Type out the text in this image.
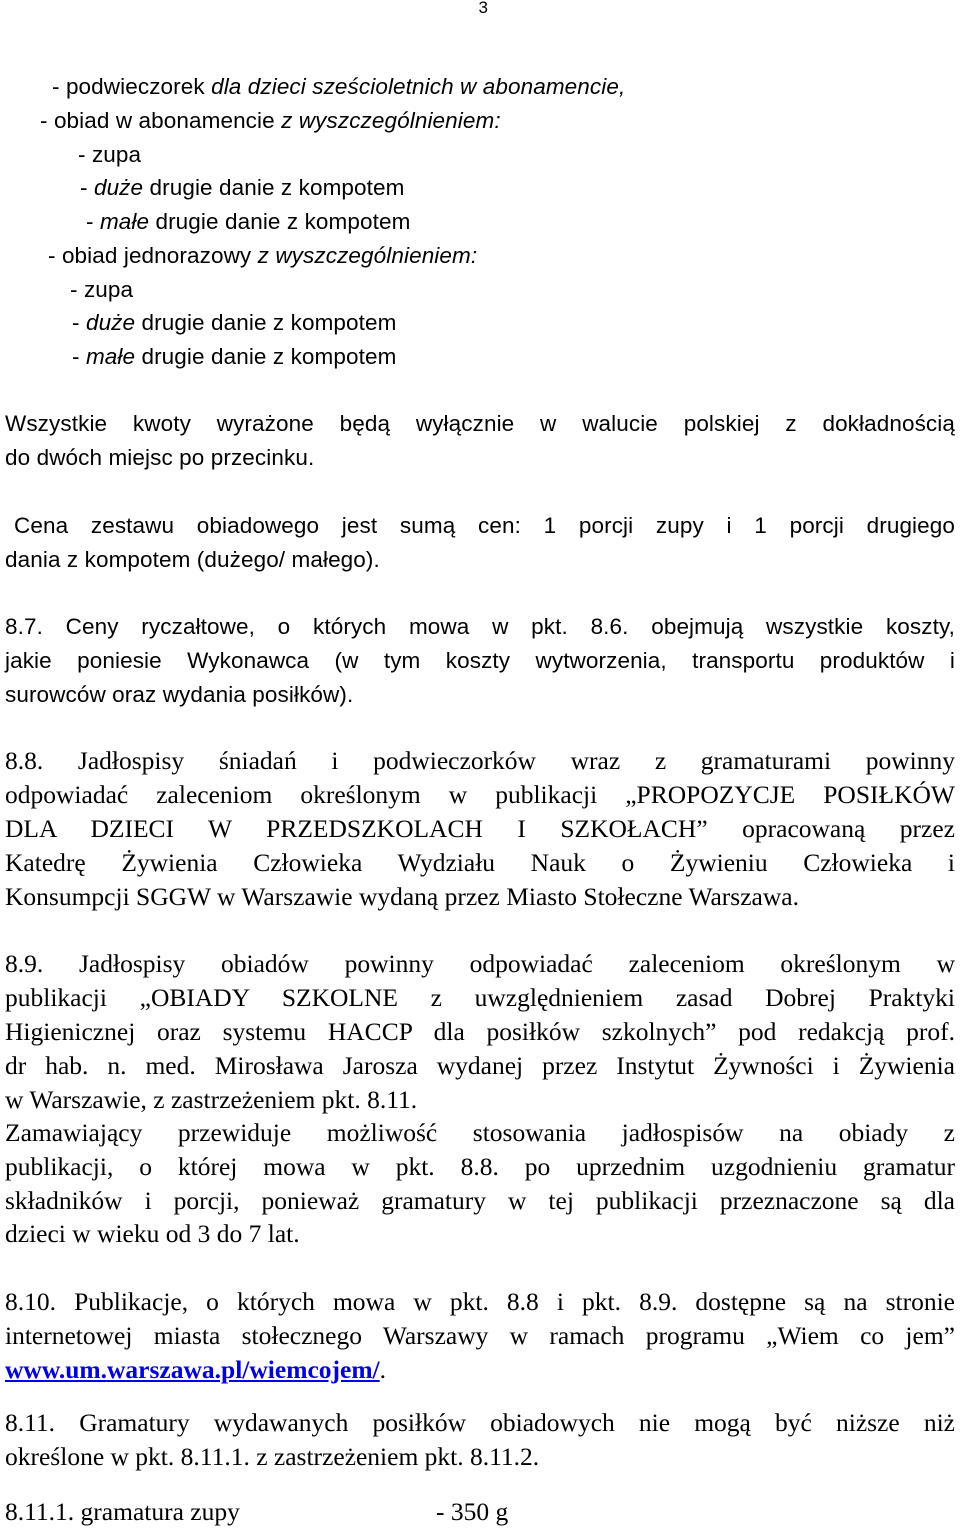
3
- podwieczorek dla dzieci sześcioletnich w abonamencie,
- obiad w abonamencie z wyszczególnieniem:
- zupa
- duże drugie danie z kompotem
- małe drugie danie z kompotem
- obiad jednorazowy z wyszczególnieniem:
- zupa
- duże drugie danie z kompotem
- małe drugie danie z kompotem
Wszystkie kwoty wyrażone będą wyłącznie w walucie polskiej z dokładnością
do dwóch miejsc po przecinku.
Cena zestawu obiadowego jest sumą cen: 1 porcji zupy i 1 porcji drugiego
dania z kompotem (dużego/ małego).
8.7. Ceny ryczałtowe, o których mowa w pkt. 8.6. obejmują wszystkie koszty,
jakie poniesie Wykonawca (w tym koszty wytworzenia, transportu produktów i
surowców oraz wydania posiłków).
8.8. Jadłospisy śniadań i podwieczorków wraz z gramaturami powinny
odpowiadać zaleceniom określonym w publikacji „PROPOZYCJE POSIŁKÓW
DLA DZIECI W PRZEDSZKOLACH I SZKOŁACH” opracowaną przez
Katedrę Żywienia Człowieka Wydziału Nauk o Żywieniu Człowieka i
Konsumpcji SGGW w Warszawie wydaną przez Miasto Stołeczne Warszawa.
8.9. Jadłospisy obiadów powinny odpowiadać zaleceniom określonym w
publikacji „OBIADY SZKOLNE z uwzględnieniem zasad Dobrej Praktyki
Higienicznej oraz systemu HACCP dla posiłków szkolnych” pod redakcją prof.
dr hab. n. med. Mirosława Jarosza wydanej przez Instytut Żywności i Żywienia
w Warszawie, z zastrzeżeniem pkt. 8.11.
Zamawiający przewiduje możliwość stosowania jadłospisów na obiady z
publikacji, o której mowa w pkt. 8.8. po uprzednim uzgodnieniu gramatur
składników i porcji, ponieważ gramatury w tej publikacji przeznaczone są dla
dzieci w wieku od 3 do 7 lat.
8.10. Publikacje, o których mowa w pkt. 8.8 i pkt. 8.9. dostępne są na stronie
internetowej miasta stołecznego Warszawy w ramach programu „Wiem co jem”
www.um.warszawa.pl/wiemcojem/.
8.11. Gramatury wydawanych posiłków obiadowych nie mogą być niższe niż
określone w pkt. 8.11.1. z zastrzeżeniem pkt. 8.11.2.
8.11.1. gramatura zupy	- 350 g
